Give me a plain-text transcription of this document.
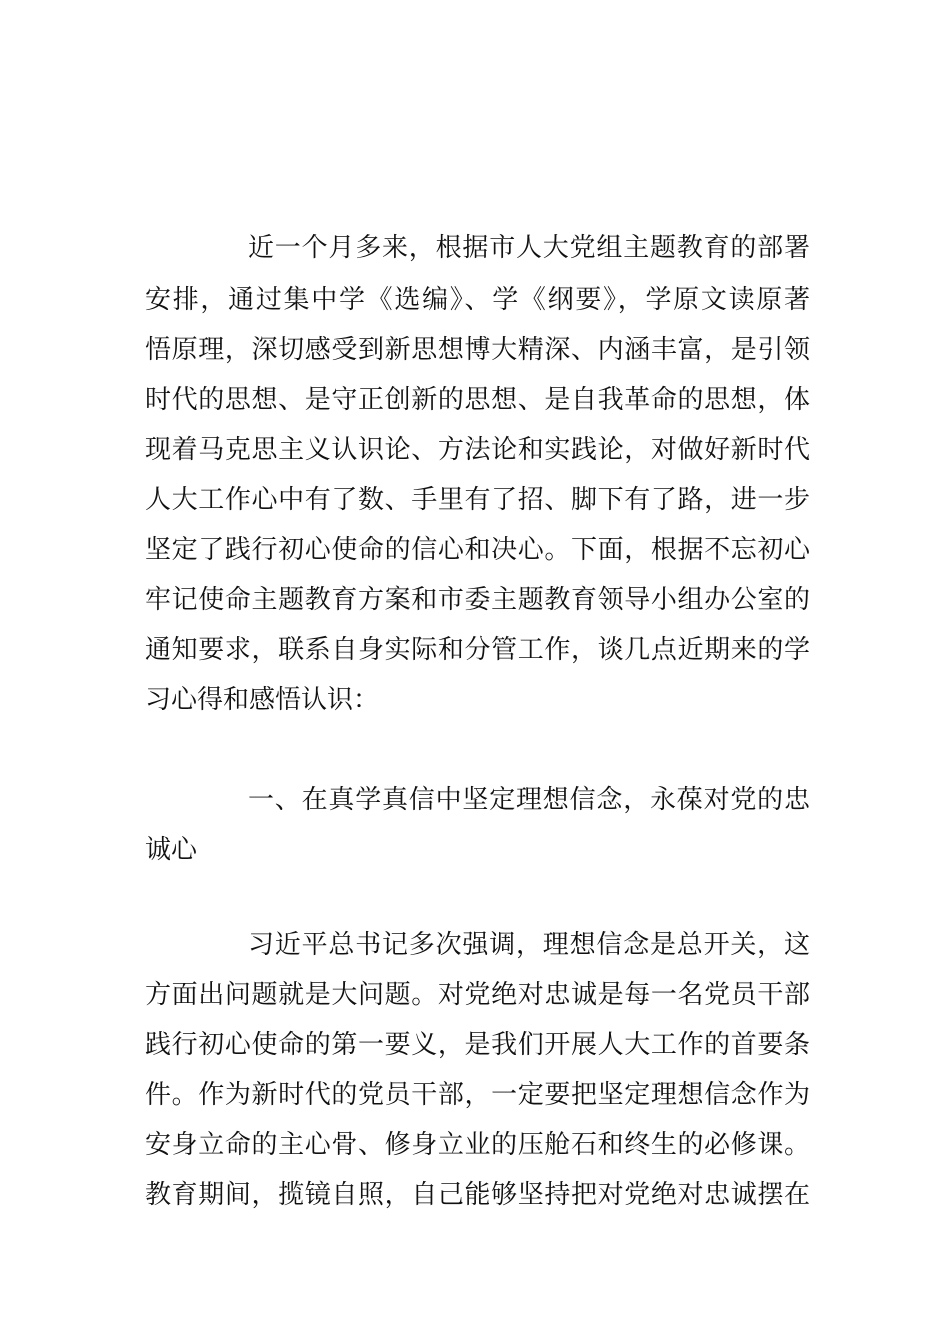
近一个月多来，根据市人大党组主题教育的部署
安排，通过集中学《选编》、学《纲要》，学原文读原著
悟原理，深切感受到新思想博大精深、内涵丰富，是引领
时代的思想、是守正创新的思想、是自我革命的思想，体
现着马克思主义认识论、方法论和实践论，对做好新时代
人大工作心中有了数、手里有了招、脚下有了路，进一步
坚定了践行初心使命的信心和决心。下面，根据不忘初心
牢记使命主题教育方案和市委主题教育领导小组办公室的
通知要求，联系自身实际和分管工作，谈几点近期来的学
习心得和感悟认识：
一、在真学真信中坚定理想信念，永葆对党的忠
诚心
习近平总书记多次强调，理想信念是总开关，这
方面出问题就是大问题。对党绝对忠诚是每一名党员干部
践行初心使命的第一要义，是我们开展人大工作的首要条
件。作为新时代的党员干部，一定要把坚定理想信念作为
安身立命的主心骨、修身立业的压舱石和终生的必修课。
教育期间，揽镜自照，自己能够坚持把对党绝对忠诚摆在
